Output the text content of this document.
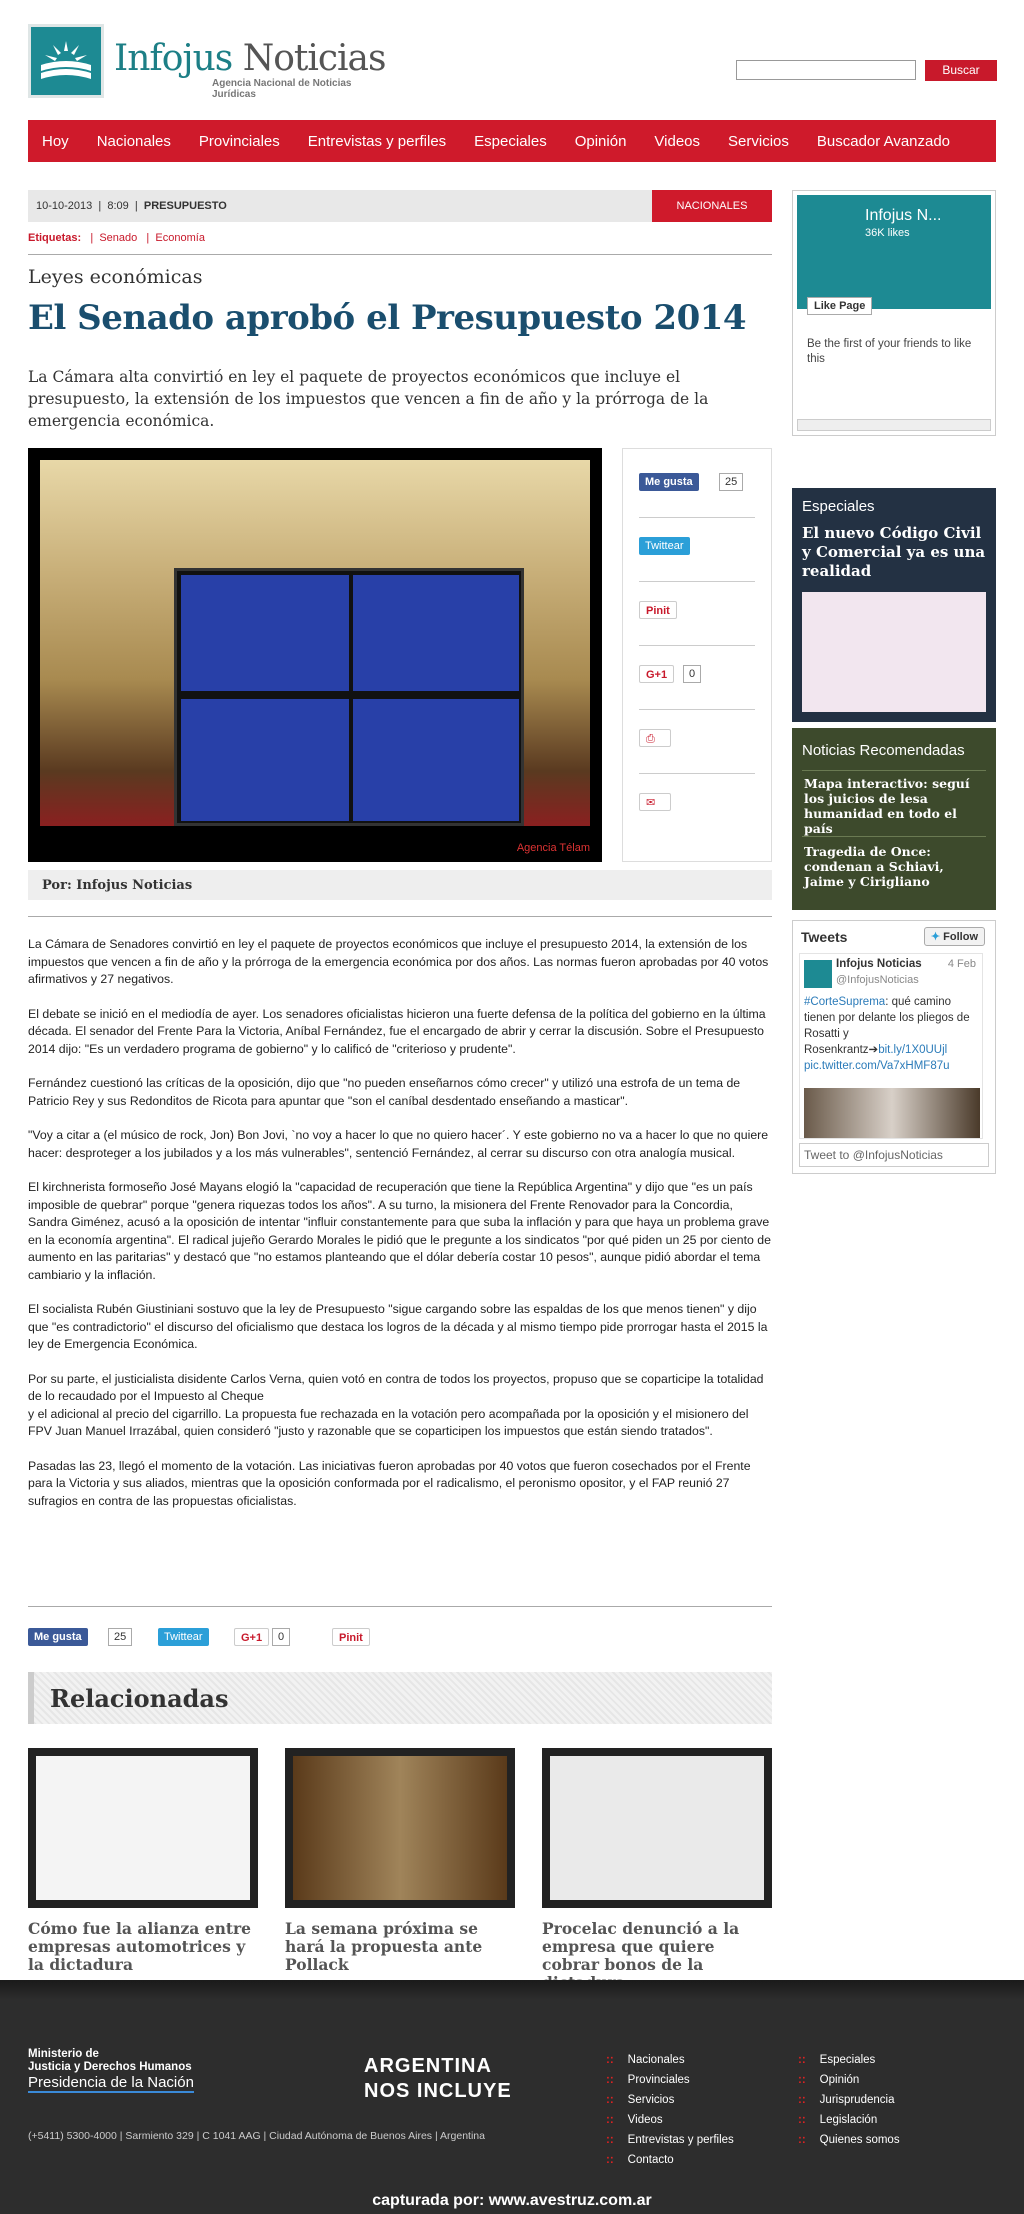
Infojus Noticias
Agencia Nacional de Noticias Jurídicas
Buscar
Hoy Nacionales Provinciales Entrevistas y perfiles Especiales Opinión Videos Servicios Buscador Avanzado
10-10-2013  |  8:09  |  PRESUPUESTO	NACIONALES
Etiquetas:   |  Senado   |  Economía
Leyes económicas
El Senado aprobó el Presupuesto 2014
La Cámara alta convirtió en ley el paquete de proyectos económicos que incluye el presupuesto, la extensión de los impuestos que vencen a fin de año y la prórroga de la emergencia económica.
Agencia Télam
Me gusta	25
Twittear
Pinit
G+1	0
⎙
✉
Por: Infojus Noticias

La Cámara de Senadores convirtió en ley el paquete de proyectos económicos que incluye el presupuesto 2014, la extensión de los impuestos que vencen a fin de año y la prórroga de la emergencia económica por dos años. Las normas fueron aprobadas por 40 votos afirmativos y 27 negativos.

El debate se inició en el mediodía de ayer. Los senadores oficialistas hicieron una fuerte defensa de la política del gobierno en la última década. El senador del Frente Para la Victoria, Aníbal Fernández, fue el encargado de abrir y cerrar la discusión. Sobre el Presupuesto 2014 dijo: "Es un verdadero programa de gobierno" y lo calificó de "criterioso y prudente".

Fernández cuestionó las críticas de la oposición, dijo que "no pueden enseñarnos cómo crecer" y utilizó una estrofa de un tema de Patricio Rey y sus Redonditos de Ricota para apuntar que "son el caníbal desdentado enseñando a masticar".

"Voy a citar a (el músico de rock, Jon) Bon Jovi, `no voy a hacer lo que no quiero hacer´. Y este gobierno no va a hacer lo que no quiere hacer: desproteger a los jubilados y a los más vulnerables", sentenció Fernández, al cerrar su discurso con otra analogía musical.

El kirchnerista formoseño José Mayans elogió la "capacidad de recuperación que tiene la República Argentina" y dijo que "es un país imposible de quebrar" porque "genera riquezas todos los años". A su turno, la misionera del Frente Renovador para la Concordia, Sandra Giménez, acusó a la oposición de intentar "influir constantemente para que suba la inflación y para que haya un problema grave en la economía argentina". El radical jujeño Gerardo Morales le pidió que le pregunte a los sindicatos "por qué piden un 25 por ciento de aumento en las paritarias" y destacó que "no estamos planteando que el dólar debería costar 10 pesos", aunque pidió abordar el tema cambiario y la inflación.

El socialista Rubén Giustiniani sostuvo que la ley de Presupuesto "sigue cargando sobre las espaldas de los que menos tienen" y dijo que "es contradictorio" el discurso del oficialismo que destaca los logros de la década y al mismo tiempo pide prorrogar hasta el 2015 la ley de Emergencia Económica.

Por su parte, el justicialista disidente Carlos Verna, quien votó en contra de todos los proyectos, propuso que se coparticipe la totalidad de lo recaudado por el Impuesto al Cheque
y el adicional al precio del cigarrillo. La propuesta fue rechazada en la votación pero acompañada por la oposición y el misionero del FPV Juan Manuel Irrazábal, quien consideró "justo y razonable que se coparticipen los impuestos que están siendo tratados".

Pasadas las 23, llegó el momento de la votación. Las iniciativas fueron aprobadas por 40 votos que fueron cosechados por el Frente para la Victoria y sus aliados, mientras que la oposición conformada por el radicalismo, el peronismo opositor, y el FAP reunió 27 sufragios en contra de las propuestas oficialistas.

Me gusta	25	Twittear	G+1	0	Pinit
Relacionadas
Cómo fue la alianza entre empresas automotrices y la dictadura
La semana próxima se hará la propuesta ante Pollack
Procelac denunció a la empresa que quiere cobrar bonos de la
Infojus N...
36K likes
Like Page
Be the first of your friends to like this
Especiales
El nuevo Código Civil y Comercial ya es una realidad
Noticias Recomendadas
Mapa interactivo: seguí los juicios de lesa humanidad en todo el país
Tragedia de Once: condenan a Schiavi, Jaime y Cirigliano
Tweets	✦ Follow
Infojus Noticias 4 Feb
@InfojusNoticias
#CorteSuprema: qué camino tienen por delante los pliegos de Rosatti y Rosenkrantz➔bit.ly/1X0UUjl
pic.twitter.com/Va7xHMF87u
Tweet to @InfojusNoticias
Ministerio de
Justicia y Derechos Humanos
Presidencia de la Nación
ARGENTINA
NOS INCLUYE
(+5411) 5300-4000 | Sarmiento 329 | C 1041 AAG | Ciudad Autónoma de Buenos Aires | Argentina
:: Nacionales
:: Provinciales
:: Servicios
:: Videos
:: Entrevistas y perfiles
:: Contacto
:: Especiales
:: Opinión
:: Jurisprudencia
:: Legislación
:: Quienes somos
capturada por: www.avestruz.com.ar
